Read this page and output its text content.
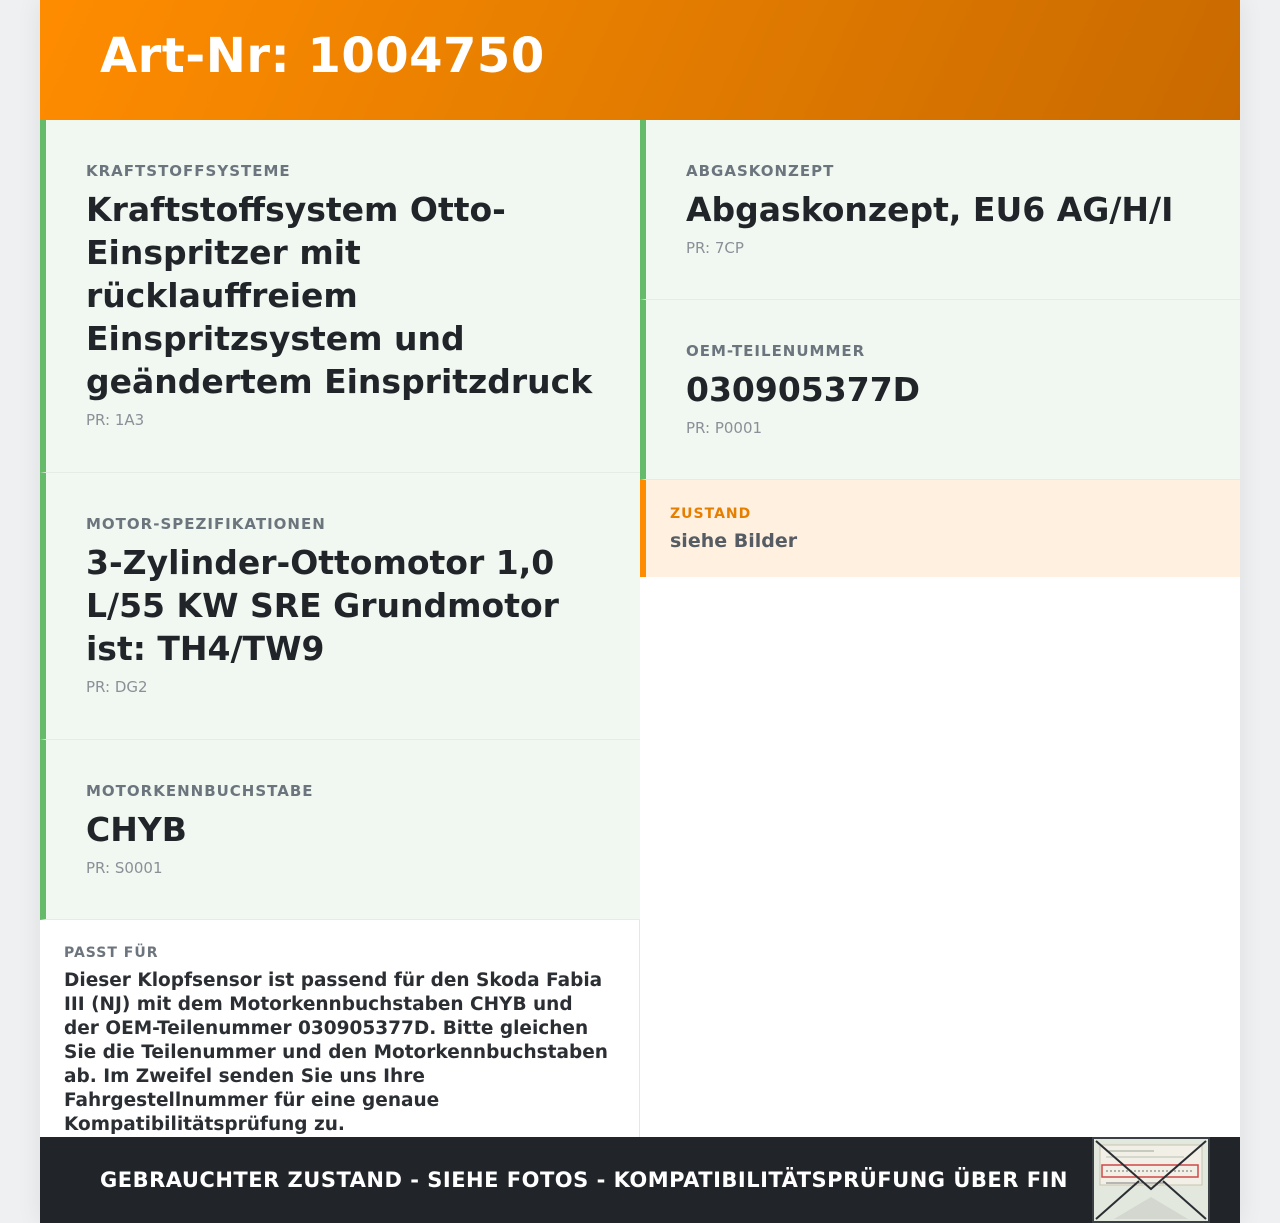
Art-Nr: 1004750
KRAFTSTOFFSYSTEME
Kraftstoffsystem Otto-Einspritzer mit rücklauffreiem Einspritzsystem und geändertem Einspritzdruck
PR: 1A3
MOTOR-SPEZIFIKATIONEN
3-Zylinder-Ottomotor 1,0 L/55 KW SRE Grundmotor ist: TH4/TW9
PR: DG2
MOTORKENNBUCHSTABE
CHYB
PR: S0001
ABGASKONZEPT
Abgaskonzept, EU6 AG/H/I
PR: 7CP
OEM-TEILENUMMER
030905377D
PR: P0001
ZUSTAND
siehe Bilder
PASST FÜR
Dieser Klopfsensor ist passend für den Skoda Fabia III (NJ) mit dem Motorkennbuchstaben CHYB und der OEM-Teilenummer 030905377D. Bitte gleichen Sie die Teilenummer und den Motorkennbuchstaben ab. Im Zweifel senden Sie uns Ihre Fahrgestellnummer für eine genaue Kompatibilitätsprüfung zu.
GEBRAUCHTER ZUSTAND - SIEHE FOTOS - KOMPATIBILITÄTSPRÜFUNG ÜBER FIN
